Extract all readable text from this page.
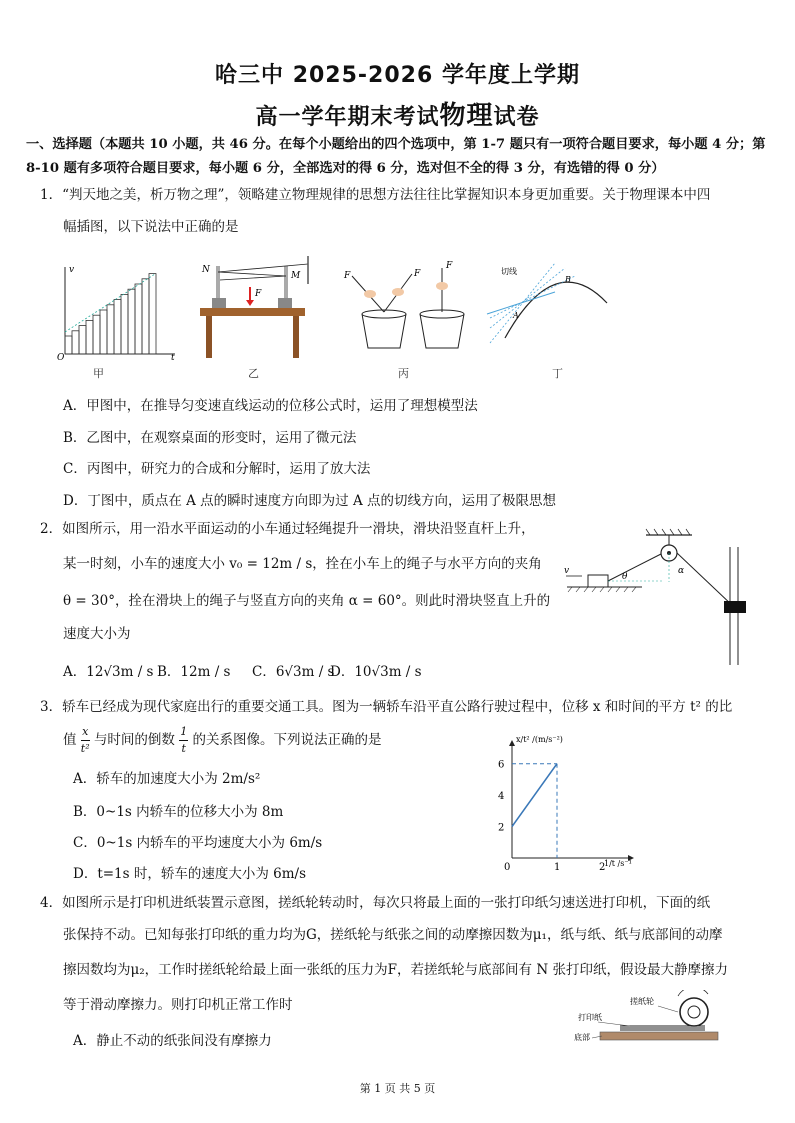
哈三中 2025-2026 学年度上学期
高一学年期末考试物理试卷
一、选择题（本题共 10 小题，共 46 分。在每个小题给出的四个选项中，第 1-7 题只有一项符合题目要求，每小题 4 分；第 8-10 题有多项符合题目要求，每小题 6 分，全部选对的得 6 分，选对但不全的得 3 分，有选错的得 0 分）
1．“判天地之美，析万物之理”，领略建立物理规律的思想方法往往比掌握知识本身更加重要。关于物理课本中四
幅插图，以下说法中正确的是
v
O	t
甲
N
M
F
乙
F	F
F
丙
切线
B
A
丁
A．甲图中，在推导匀变速直线运动的位移公式时，运用了理想模型法
B．乙图中，在观察桌面的形变时，运用了微元法
C．丙图中，研究力的合成和分解时，运用了放大法
D．丁图中，质点在 A 点的瞬时速度方向即为过 A 点的切线方向，运用了极限思想
2．如图所示，用一沿水平面运动的小车通过轻绳提升一滑块，滑块沿竖直杆上升，
某一时刻，小车的速度大小 v₀ = 12m / s，拴在小车上的绳子与水平方向的夹角
θ = 30°，拴在滑块上的绳子与竖直方向的夹角 α = 60°。则此时滑块竖直上升的
速度大小为
A．12√3m / s B．12m / s C．6√3m / s
D．10√3m / s
v
θ
α
3．轿车已经成为现代家庭出行的重要交通工具。图为一辆轿车沿平直公路行驶过程中，位移 x 和时间的平方 t² 的比
值 $\frac{x}{\text{t²}}$ 与时间的倒数 $\frac{1}{t}$ 的关系图像。下列说法正确的是
A．轿车的加速度大小为 2m/s²
B．0~1s 内轿车的位移大小为 8m
C．0~1s 内轿车的平均速度大小为 6m/s
D．t=1s 时，轿车的速度大小为 6m/s	0	1	2
2
4
6
x/t² /(m/s⁻²)
1/t /s⁻¹
4．如图所示是打印机进纸装置示意图，搓纸轮转动时，每次只将最上面的一张打印纸匀速送进打印机，下面的纸
张保持不动。已知每张打印纸的重力均为G，搓纸轮与纸张之间的动摩擦因数为μ₁，纸与纸、纸与底部间的动摩
擦因数均为μ₂，工作时搓纸轮给最上面一张纸的压力为F，若搓纸轮与底部间有 N 张打印纸，假设最大静摩擦力
等于滑动摩擦力。则打印机正常工作时
A．静止不动的纸张间没有摩擦力
搓纸轮
打印纸
底部
第 1 页 共 5 页
